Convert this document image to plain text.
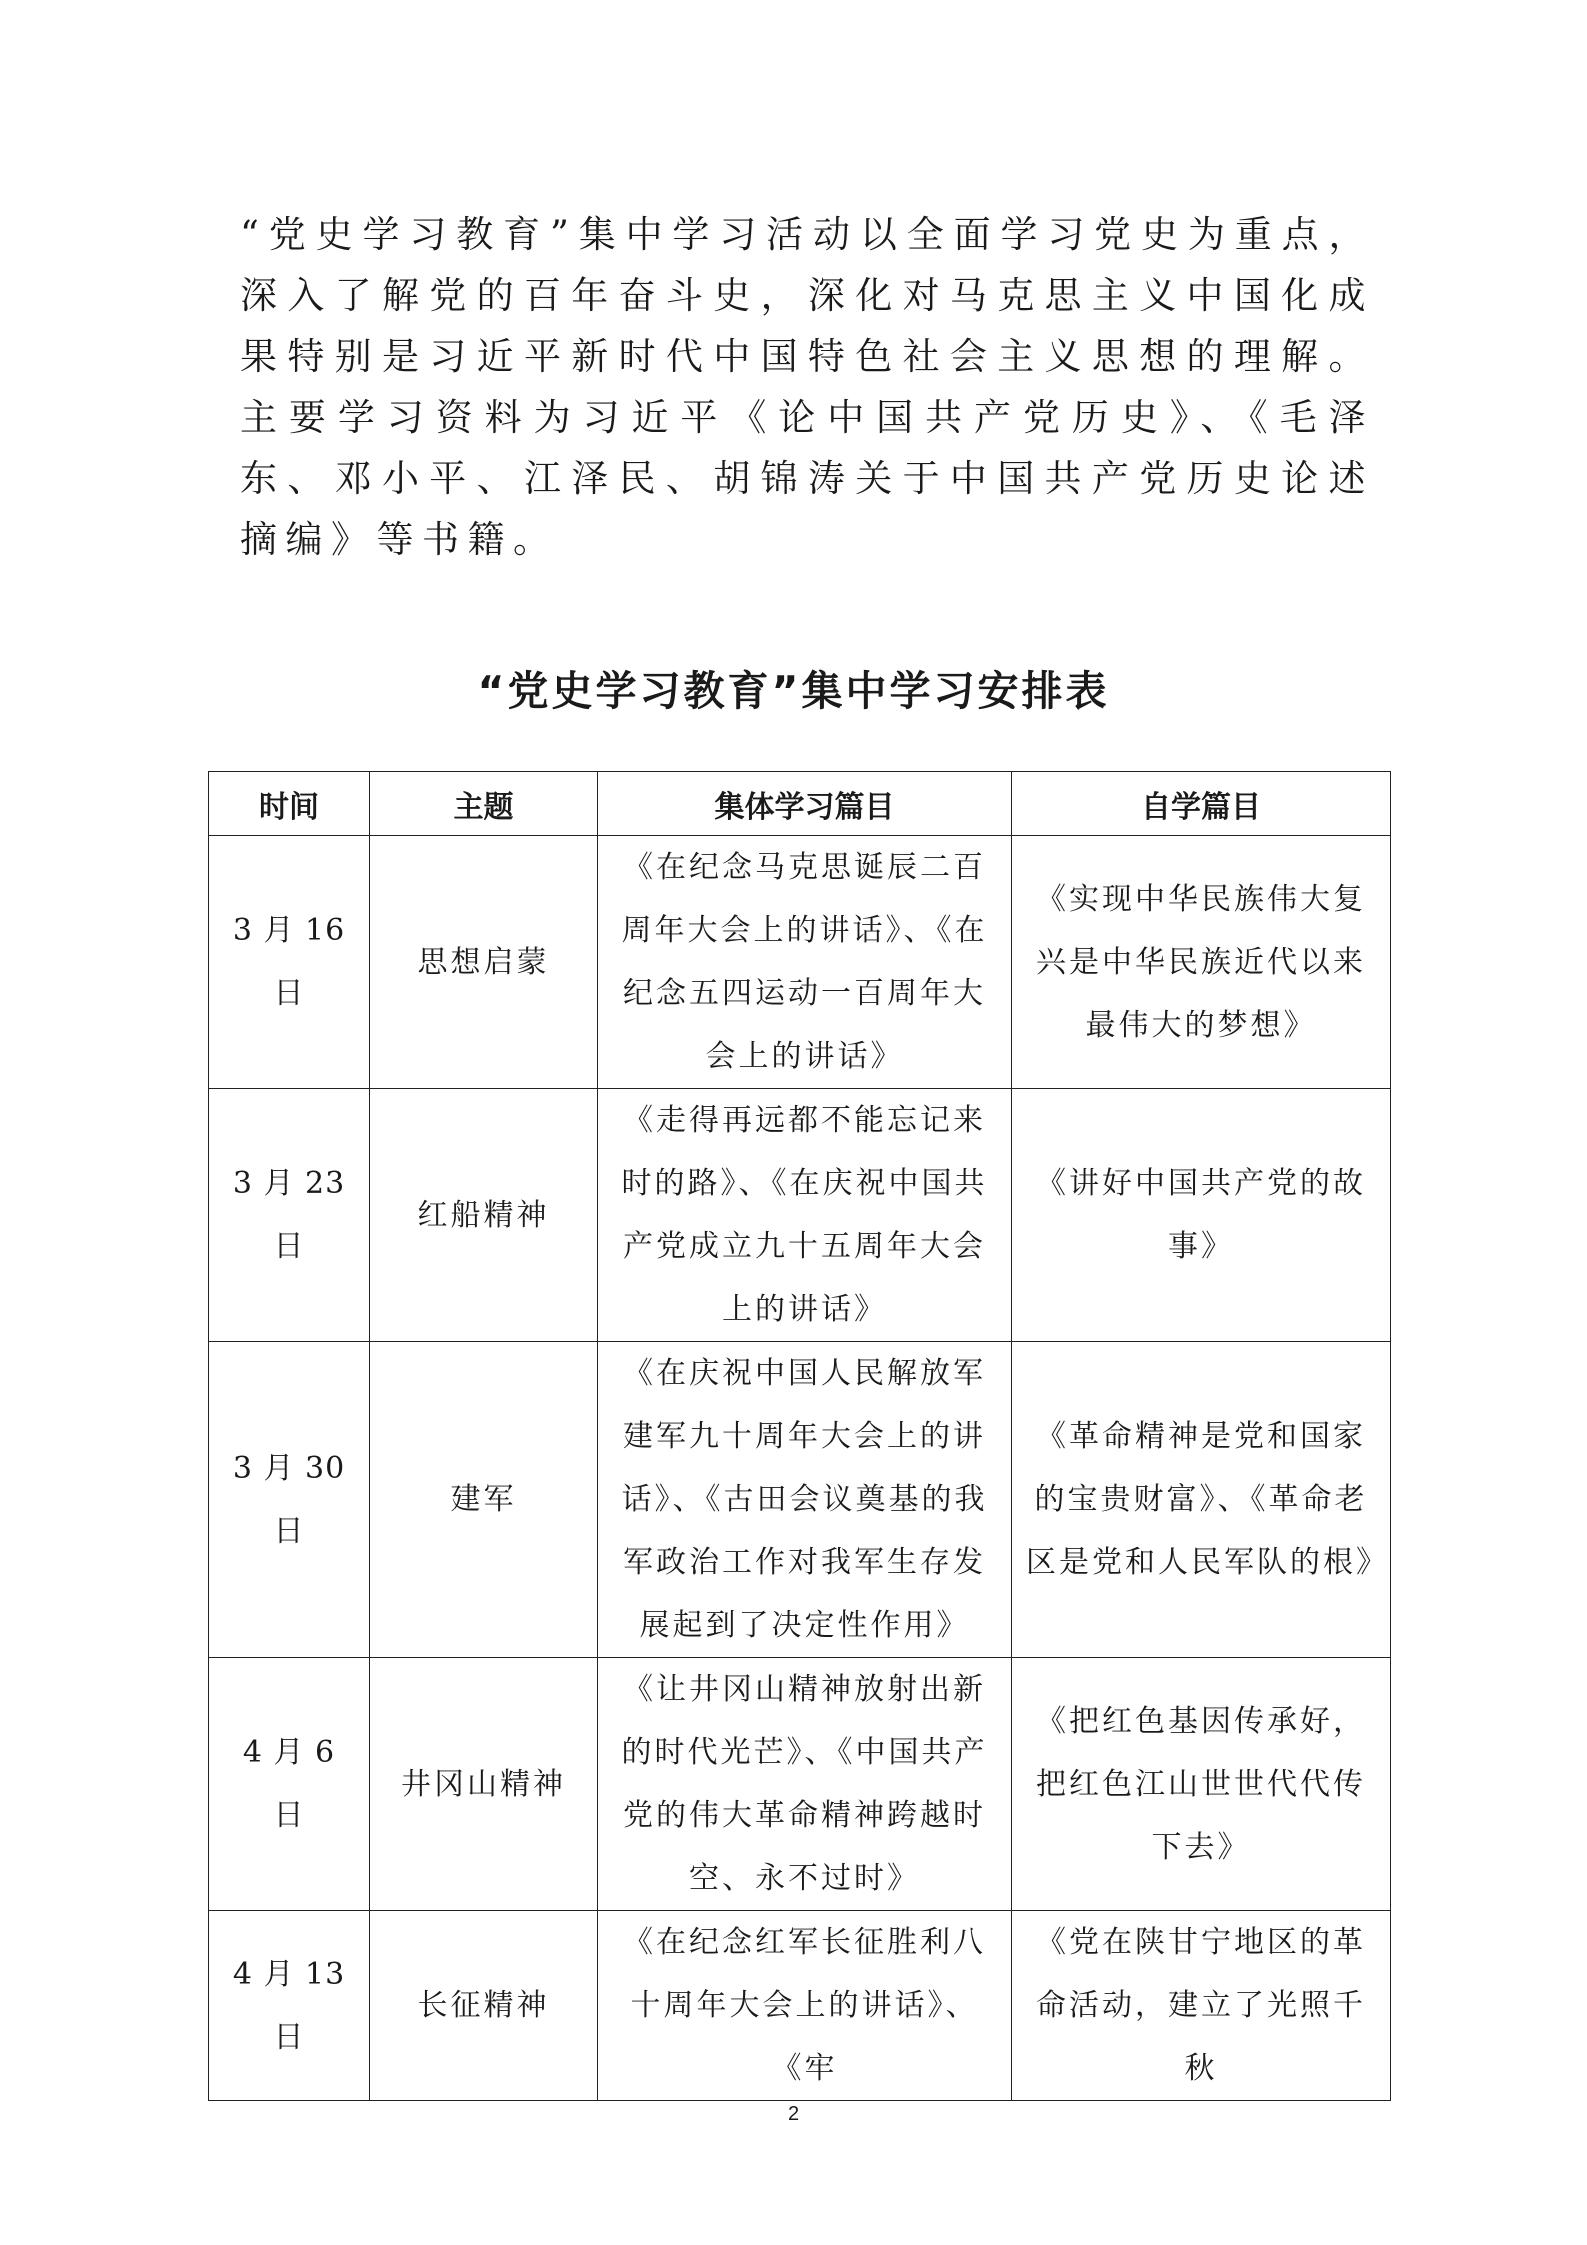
“党史学习教育”集中学习活动以全面学习党史为重点，深入了解党的百年奋斗史，深化对马克思主义中国化成果特别是习近平新时代中国特色社会主义思想的理解。主要学习资料为习近平《论中国共产党历史》、《毛泽东、邓小平、江泽民、胡锦涛关于中国共产党历史论述摘编》等书籍。

“党史学习教育”集中学习安排表
时间	主题	集体学习篇目	自学篇目
3 月 16 日	思想启蒙	《在纪念马克思诞辰二百周年大会上的讲话》、《在纪念五四运动一百周年大会上的讲话》	《实现中华民族伟大复兴是中华民族近代以来最伟大的梦想》
3 月 23 日	红船精神	《走得再远都不能忘记来时的路》、《在庆祝中国共产党成立九十五周年大会上的讲话》	《讲好中国共产党的故事》
3 月 30 日	建军	《在庆祝中国人民解放军建军九十周年大会上的讲话》、《古田会议奠基的我军政治工作对我军生存发展起到了决定性作用》	《革命精神是党和国家的宝贵财富》、《革命老区是党和人民军队的根》
4 月 6 日	井冈山精神	《让井冈山精神放射出新的时代光芒》、《中国共产党的伟大革命精神跨越时空、永不过时》	《把红色基因传承好，把红色江山世世代代传下去》
4 月 13 日	长征精神	《在纪念红军长征胜利八十周年大会上的讲话》、《牢	《党在陕甘宁地区的革命活动，建立了光照千秋
2
